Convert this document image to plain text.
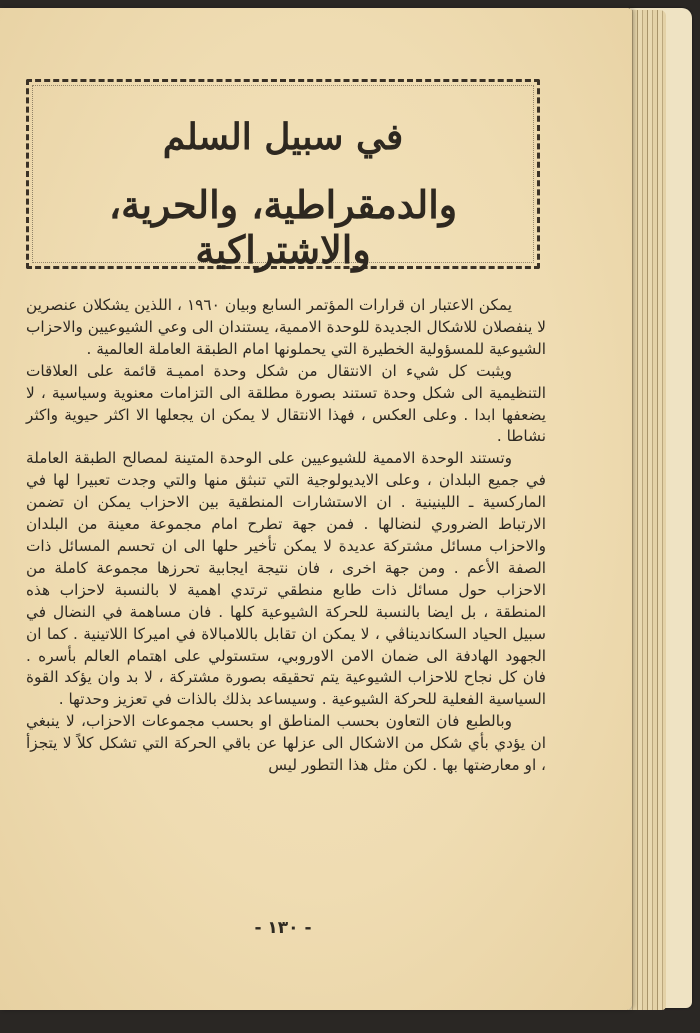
في سبيل السلم
والدمقراطية، والحرية، والاشتراكية

يمكن الاعتبار ان قرارات المؤتمر السابع وبيان ١٩٦٠ ، اللذين يشكلان عنصرين لا ينفصلان للاشكال الجديدة للوحدة الاممية، يستندان الى وعي الشيوعيين والاحزاب الشيوعية للمسؤولية الخطيرة التي يحملونها امام الطبقة العاملة العالمية .

ويثبت كل شيء ان الانتقال من شكل وحدة امميـة قائمة على العلاقات التنظيمية الى شكل وحدة تستند بصورة مطلقة الى التزامات معنوية وسياسية ، لا يضعفها ابدا . وعلى العكس ، فهذا الانتقال لا يمكن ان يجعلها الا اكثر حيوية واكثر نشاطا .

وتستند الوحدة الاممية للشيوعيين على الوحدة المتينة لمصالح الطبقة العاملة في جميع البلدان ، وعلى الايديولوجية التي تنبثق منها والتي وجدت تعبيرا لها في الماركسية ـ اللينينية . ان الاستشارات المنطقية بين الاحزاب يمكن ان تضمن الارتباط الضروري لنضالها . فمن جهة تطرح امام مجموعة معينة من البلدان والاحزاب مسائل مشتركة عديدة لا يمكن تأخير حلها الى ان تحسم المسائل ذات الصفة الأعم . ومن جهة اخرى ، فان نتيجة ايجابية تحرزها مجموعة كاملة من الاحزاب حول مسائل ذات طابع منطقي ترتدي اهمية لا بالنسبة لاحزاب هذه المنطقة ، بل ايضا بالنسبة للحركة الشيوعية كلها . فان مساهمة في النضال في سبيل الحياد السكانديناڤي ، لا يمكن ان تقابل باللامبالاة في اميركا اللاتينية . كما ان الجهود الهادفة الى ضمان الامن الاوروبي، ستستولي على اهتمام العالم بأسره . فان كل نجاح للاحزاب الشيوعية يتم تحقيقه بصورة مشتركة ، لا بد وان يؤكد القوة السياسية الفعلية للحركة الشيوعية . وسيساعد بذلك بالذات في تعزيز وحدتها .

وبالطبع فان التعاون بحسب المناطق او بحسب مجموعات الاحزاب، لا ينبغي ان يؤدي بأي شكل من الاشكال الى عزلها عن باقي الحركة التي تشكل كلاً لا يتجزأ ، او معارضتها بها . لكن مثل هذا التطور ليس

- ١٣٠ -
